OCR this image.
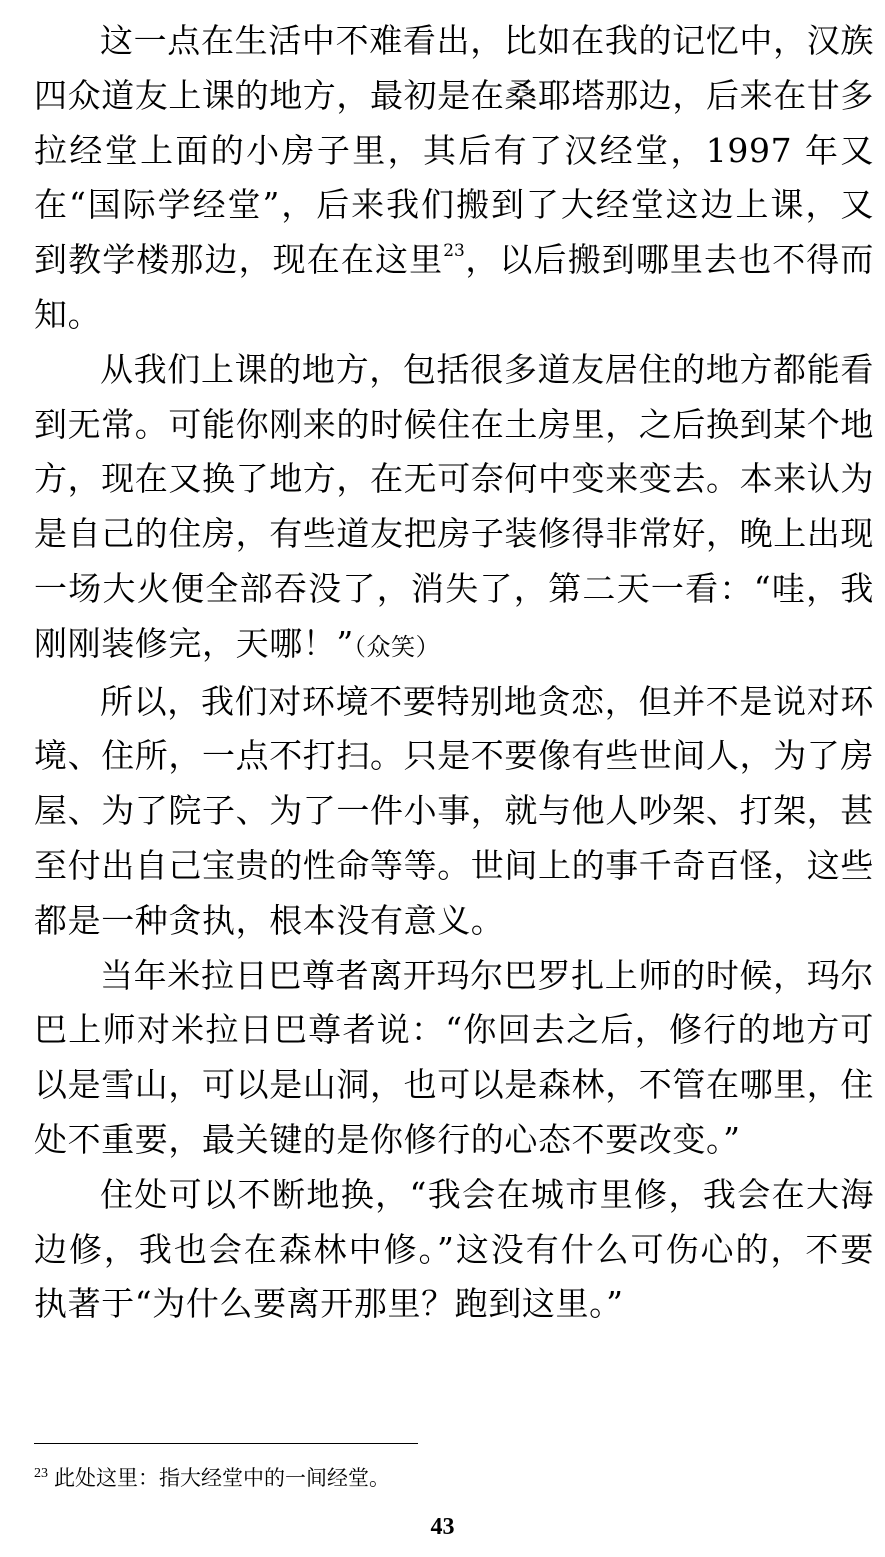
这一点在生活中不难看出，比如在我的记忆中，汉族四众道友上课的地方，最初是在桑耶塔那边，后来在甘多拉经堂上面的小房子里，其后有了汉经堂，1997 年又在“国际学经堂”，后来我们搬到了大经堂这边上课，又到教学楼那边，现在在这里$^{23}$，以后搬到哪里去也不得而知。

从我们上课的地方，包括很多道友居住的地方都能看到无常。可能你刚来的时候住在土房里，之后换到某个地方，现在又换了地方，在无可奈何中变来变去。本来认为是自己的住房，有些道友把房子装修得非常好，晚上出现一场大火便全部吞没了，消失了，第二天一看：“哇，我刚刚装修完，天哪！”（众笑）

所以，我们对环境不要特别地贪恋，但并不是说对环境、住所，一点不打扫。只是不要像有些世间人，为了房屋、为了院子、为了一件小事，就与他人吵架、打架，甚至付出自己宝贵的性命等等。世间上的事千奇百怪，这些都是一种贪执，根本没有意义。

当年米拉日巴尊者离开玛尔巴罗扎上师的时候，玛尔巴上师对米拉日巴尊者说：“你回去之后，修行的地方可以是雪山，可以是山洞，也可以是森林，不管在哪里，住处不重要，最关键的是你修行的心态不要改变。”

住处可以不断地换，“我会在城市里修，我会在大海边修，我也会在森林中修。”这没有什么可伤心的，不要执著于“为什么要离开那里？跑到这里。”

$^{23}$ 此处这里：指大经堂中的一间经堂。
43
